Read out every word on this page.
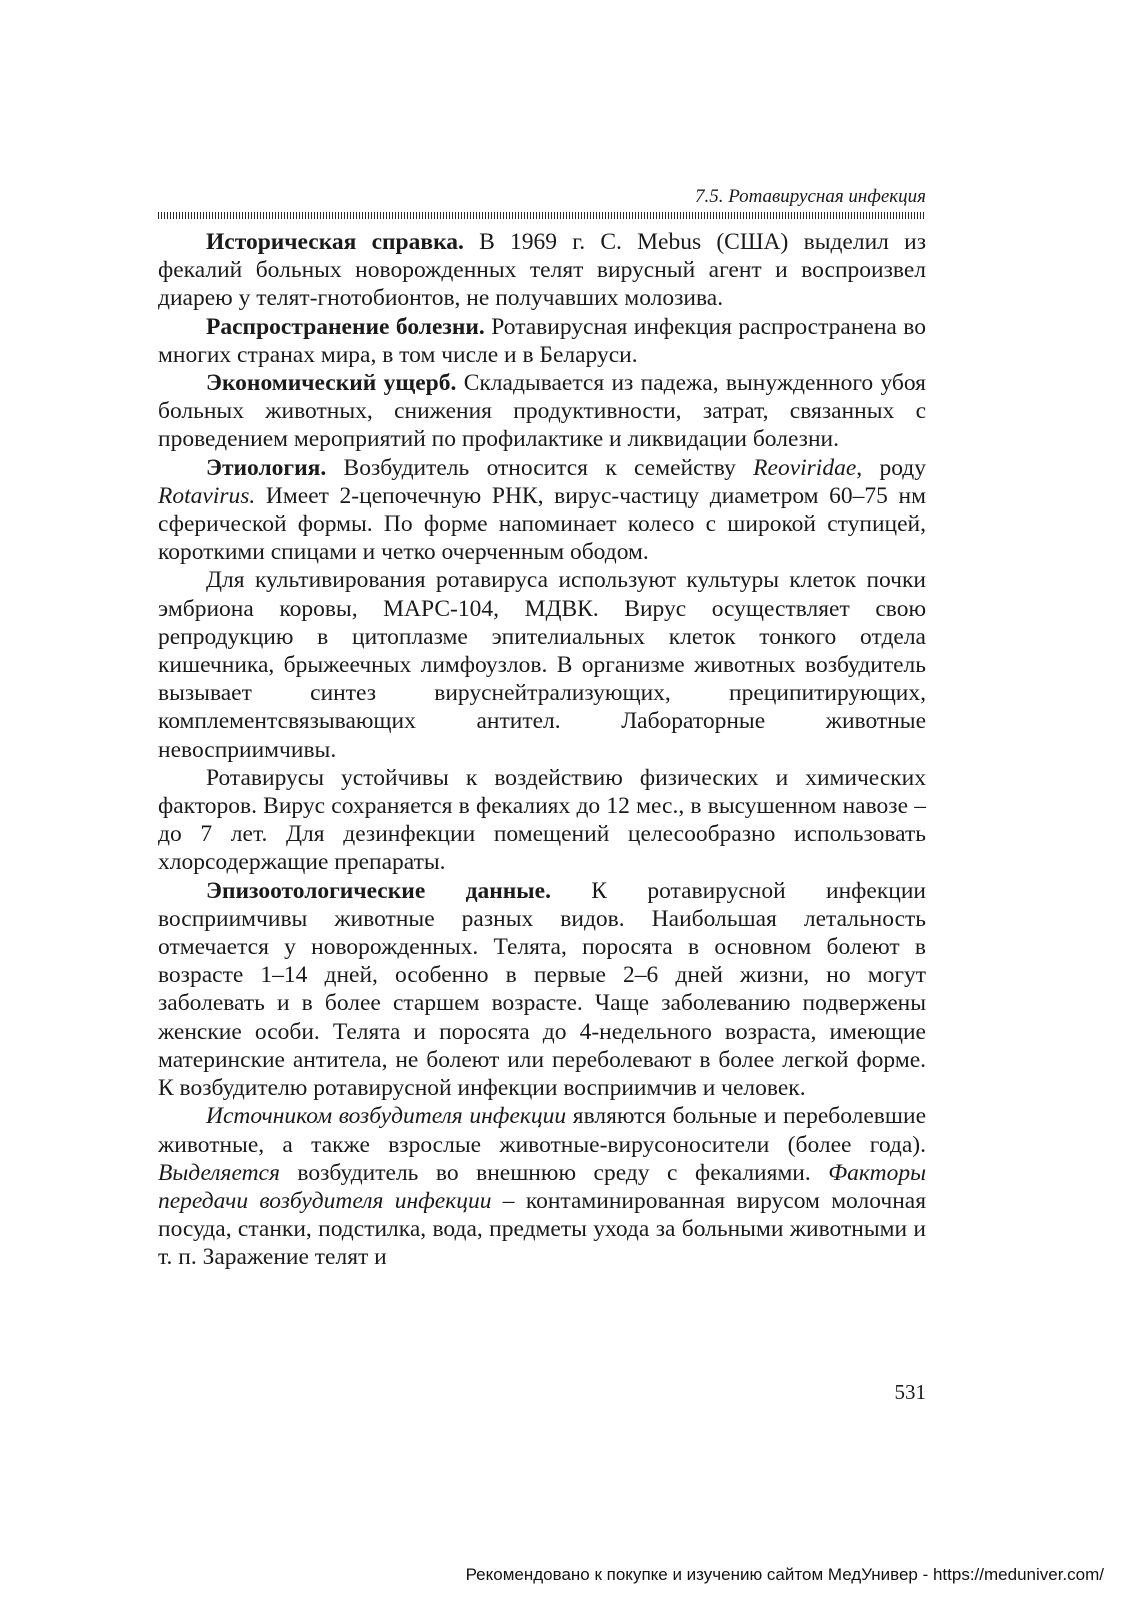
7.5. Ротавирусная инфекция

Историческая справка. В 1969 г. C. Mebus (США) выделил из фекалий больных новорожденных телят вирусный агент и воспроизвел диарею у телят-гнотобионтов, не получавших молозива.

Распространение болезни. Ротавирусная инфекция распространена во многих странах мира, в том числе и в Беларуси.

Экономический ущерб. Складывается из падежа, вынужденного убоя больных животных, снижения продуктивности, затрат, связанных с проведением мероприятий по профилактике и ликвидации болезни.

Этиология. Возбудитель относится к семейству Reoviridae, роду Rotavirus. Имеет 2-цепочечную РНК, вирус-частицу диаметром 60–75 нм сферической формы. По форме напоминает колесо с широкой ступицей, короткими спицами и четко очерченным ободом.

Для культивирования ротавируса используют культуры клеток почки эмбриона коровы, МАРС-104, МДВК. Вирус осуществляет свою репродукцию в цитоплазме эпителиальных клеток тонкого отдела кишечника, брыжеечных лимфоузлов. В организме животных возбудитель вызывает синтез вируснейтрализующих, преципитирующих, комплементсвязывающих антител. Лабораторные животные невосприимчивы.

Ротавирусы устойчивы к воздействию физических и химических факторов. Вирус сохраняется в фекалиях до 12 мес., в высушенном навозе – до 7 лет. Для дезинфекции помещений целесообразно использовать хлорсодержащие препараты.

Эпизоотологические данные. К ротавирусной инфекции восприимчивы животные разных видов. Наибольшая летальность отмечается у новорожденных. Телята, поросята в основном болеют в возрасте 1–14 дней, особенно в первые 2–6 дней жизни, но могут заболевать и в более старшем возрасте. Чаще заболеванию подвержены женские особи. Телята и поросята до 4-недельного возраста, имеющие материнские антитела, не болеют или переболевают в более легкой форме. К возбудителю ротавирусной инфекции восприимчив и человек.

Источником возбудителя инфекции являются больные и переболевшие животные, а также взрослые животные-вирусоносители (более года). Выделяется возбудитель во внешнюю среду с фекалиями. Факторы передачи возбудителя инфекции – контаминированная вирусом молочная посуда, станки, подстилка, вода, предметы ухода за больными животными и т. п. Заражение телят и

531
Рекомендовано к покупке и изучению сайтом МедУнивер - https://meduniver.com/
